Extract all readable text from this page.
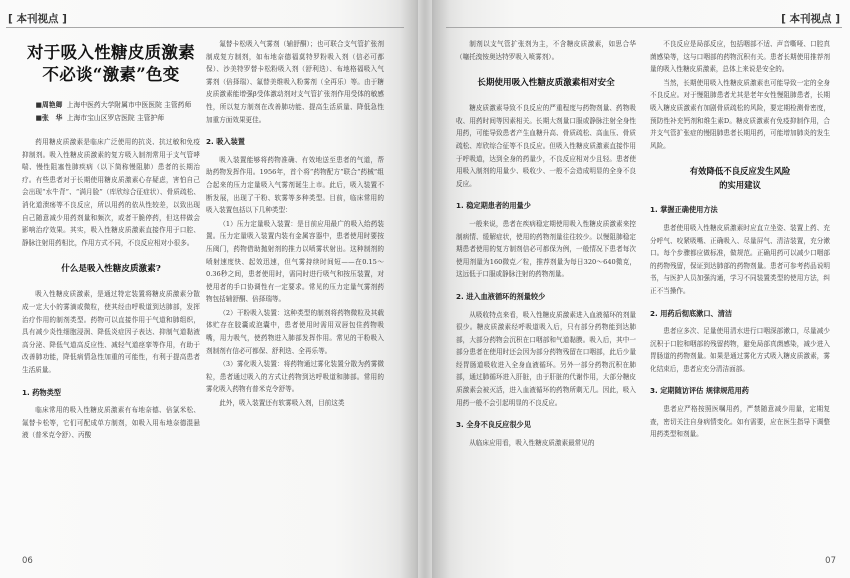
[ 本刊视点 ]
对于吸入性糖皮质激素
不必谈“激素”色变

■周艳卿 上海中医药大学附属市中医医院 主管药师

■张　华 上海市宝山区罗店医院 主管护师

药用糖皮质激素是临床广泛使用的抗炎、抗过敏和免疫抑制剂。吸入性糖皮质激素的复方吸入制剂常用于支气管哮喘、慢性阻塞性肺疾病（以下简称慢阻肺）患者的长期治疗。有些患者对于长期使用糖皮质激素心存疑虑，害怕自己会出现“水牛背”、“满月脸”（库欣综合征症状）、骨质疏松、消化道溃疡等不良反应，所以用药的依从性较差，以致出现自己随意减少用药剂量和频次，或者干脆停药，但这样做会影响治疗效果。其实，吸入性糖皮质激素直接作用于口腔、静脉注射用药相比，作用方式不同，不良反应相对小很多。

什么是吸入性糖皮质激素?

吸入性糖皮质激素，是通过特定装置将糖皮质激素分散成一定大小的雾滴或微粒，使其经由呼吸道到达肺部，发挥治疗作用的制剂类型。药物可以直接作用于气道和肺组织，具有减少炎性细胞浸润、降低炎症因子表达、抑制气道黏液高分泌、降低气道高反应性、减轻气道痉挛等作用，有助于改善肺功能，降低病情急性加重的可能性，有利于提高患者生活质量。

1. 药物类型

临床常用的吸入性糖皮质激素有布地奈德、倍氯米松、氟替卡松等，它们可配成单方制剂，如吸入用布地奈德混悬液（普米克令舒）、丙酸

氟替卡松吸入气雾剂（辅舒酮）；也可联合支气管扩张剂制成复方制剂，如布地奈德福莫特罗粉吸入剂（信必可都保）、沙美特罗替卡松粉吸入剂（舒利迭）、布地格福吸入气雾剂（倍择瑞）、氟替美维吸入粉雾剂（全再乐）等。由于糖皮质激素能增强β受体激动剂对支气管扩张剂作用受体的敏感性，所以复方制剂在改善肺功能、提高生活质量、降低急性加重方面效果更佳。

2. 吸入装置

吸入装置能够将药物准确、有效地送至患者的气道，帮助药物发挥作用。1956年，首个将“药物配方”联合“药械”组合起来的压力定量吸入气雾剂诞生上市。此后，吸入装置不断发展，出现了干粉、软雾等多种类型。目前，临床常用的吸入装置包括以下几种类型：

（1）压力定量吸入装置：是目前应用最广的吸入给药装置。压力定量吸入装置内装有金属容器中，患者使用时要按压阀门，药物借助抛射剂的推力以喷雾状射出。这种制剂的喷射速度快、起效迅速，但气雾持续时间短——在0.15～0.36秒之间，患者使用时，需同时进行吸气和按压装置，对使用者的手口协调性有一定要求。常见的压力定量气雾剂药物包括辅舒酮、倍择瑞等。

（2）干粉吸入装置：这种类型的制剂将药物微粒及其载体贮存在胶囊或泡囊中，患者使用时需用双唇包住药物吸嘴，用力吸气，使药物进入肺部发挥作用。常见的干粉吸入剂制剂有信必可都保、舒利迭、全再乐等。

（3）雾化吸入装置：将药物通过雾化装置分散为药雾微粒，患者通过吸入的方式让药物到达呼吸道和肺部。常用的雾化吸入药物有普米克令舒等。

此外，吸入装置还有软雾吸入剂，目前这类

06
[ 本刊视点 ]

制剂以支气管扩张剂为主，不含糖皮质激素，如思合华（噻托溴铵奥达特罗吸入喷雾剂）。

长期使用吸入性糖皮质激素相对安全

糖皮质激素导致不良反应的严重程度与药物剂量、药物吸收、用药时间等因素相关。长期大剂量口服或静脉注射全身性用药，可能导致患者产生血糖升高、骨质疏松、高血压、骨质疏松、库欣综合征等不良反应。但吸入性糖皮质激素直接作用于呼吸道，达到全身的药量少，不良反应相对少且轻。患者使用吸入制剂的用量少、吸收少、一般不会造成明显的全身不良反应。

1. 稳定期患者的用量少

一般来说，患者在疾病稳定期使用吸入性糖皮质激素来控制病情、缓解症状，使用的药物剂量往往较少。以慢阻肺稳定期患者使用的复方制剂信必可都保为例，一般情况下患者每次使用剂量为160微克／粒，推荐剂量为每日320～640微克，这远低于口服或静脉注射的药物剂量。

2. 进入血液循环的剂量较少

从吸收特点来看，吸入性糖皮质激素进入血液循环的剂量很少。糖皮质激素经呼吸道吸入后，只有部分药物能到达肺部，大部分药物会沉积在口咽部和气道黏膜。吸入后，其中一部分患者在使用时还会因为部分药物残留在口咽部，此后少量经胃肠道吸收进入全身血液循环。另外一部分药物沉积在肺部，通过肺循环进入肝脏，由于肝脏的代谢作用，大部分糖皮质激素会被灭活，进入血液循环的药物所剩无几。因此，吸入用药一般不会引起明显的不良反应。

3. 全身不良反应很少见

从临床应用看，吸入性糖皮质激素最常见的

不良反应是局部反应，包括咽部不适、声音嘶哑、口腔真菌感染等，这与口咽部的药物沉积有关。患者长期使用推荐剂量的吸入性糖皮质激素，总体上来说是安全的。

当然，长期使用吸入性糖皮质激素也可能导致一定的全身不良反应。对于慢阻肺患者尤其是老年女性慢阻肺患者，长期吸入糖皮质激素有加剧骨质疏松的风险，要定期检测骨密度，预防性补充钙剂和维生素D。糖皮质激素有免疫抑制作用，合并支气管扩张症的慢阻肺患者长期用药，可能增加肺炎的发生风险。

有效降低不良反应发生风险
的实用建议
1. 掌握正确使用方法

患者使用吸入性糖皮质激素时应直立坐姿、装置上药、充分呼气、咬紧吸嘴、正确吸入、尽量屏气、清洁装置，充分漱口。每个步骤都应做标准，做规范。正确用药可以减少口咽部的药物残留，保证到达肺部的药物剂量。患者可参考药品说明书，与医护人员加强沟通，学习不同装置类型的使用方法，纠正不当操作。

2. 用药后彻底漱口、清洁

患者应多次、足量使用清水进行口咽深部漱口，尽量减少沉积于口腔和咽部的残留药物，避免局部真菌感染，减少进入胃肠道的药物剂量。如果是通过雾化方式吸入糖皮质激素，雾化结束后，患者应充分清洁面部。

3. 定期随访评估 规律规范用药

患者应严格按照医嘱用药，严禁随意减少用量，定期复查，密切关注自身病情变化。如有需要，应在医生指导下调整用药类型和剂量。

07
